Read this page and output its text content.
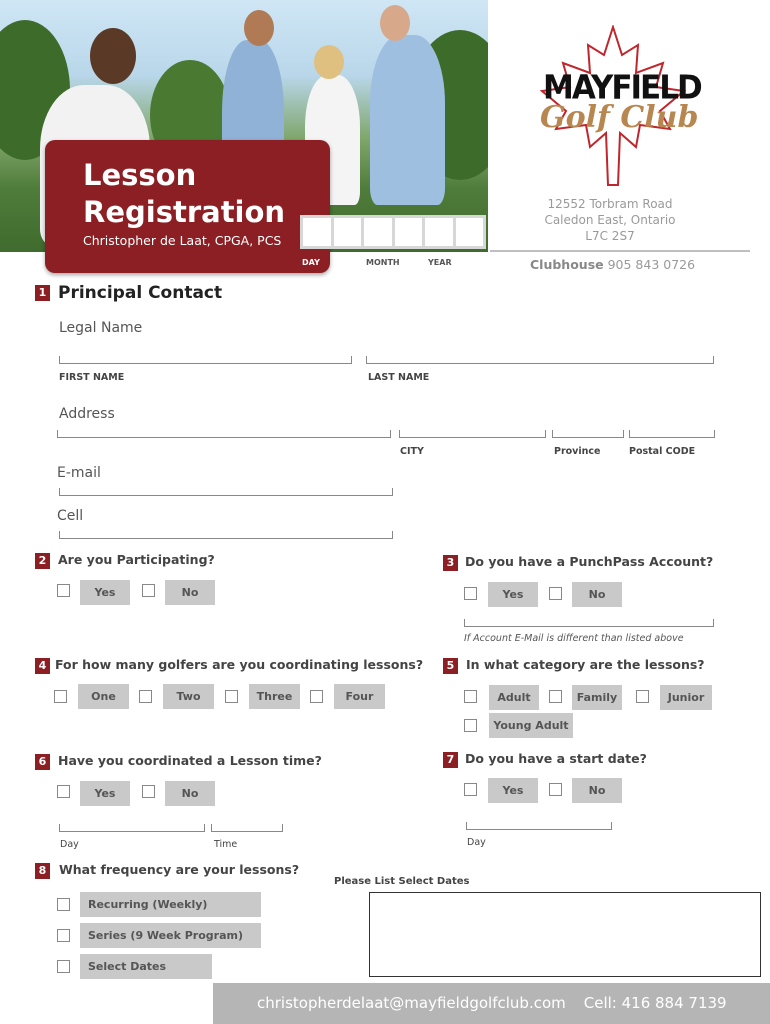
Lesson
Registration
Christopher de Laat, CPGA, PCS
DAY	MONTH	YEAR
MAYFIELD
Golf Club
12552 Torbram Road
Caledon East, Ontario
L7C 2S7
Clubhouse 905 843 0726
1 Principal Contact
Legal Name
FIRST NAME	LAST NAME
Address
CITY	Province	Postal CODE
E-mail
Cell
2 Are you Participating?
Yes	No
3 Do you have a PunchPass Account?
Yes	No
If Account E-Mail is different than listed above
4 For how many golfers are you coordinating lessons?
One	Two	Three	Four
5 In what category are the lessons?
Adult	Family	Junior
Young Adult
6 Have you coordinated a Lesson time?
Yes	No
Day	Time
7 Do you have a start date?
Yes	No
Day
8 What frequency are your lessons?
Recurring (Weekly)
Series (9 Week Program)
Select Dates
Please List Select Dates
christopherdelaat@mayfieldgolfclub.com Cell: 416 884 7139
